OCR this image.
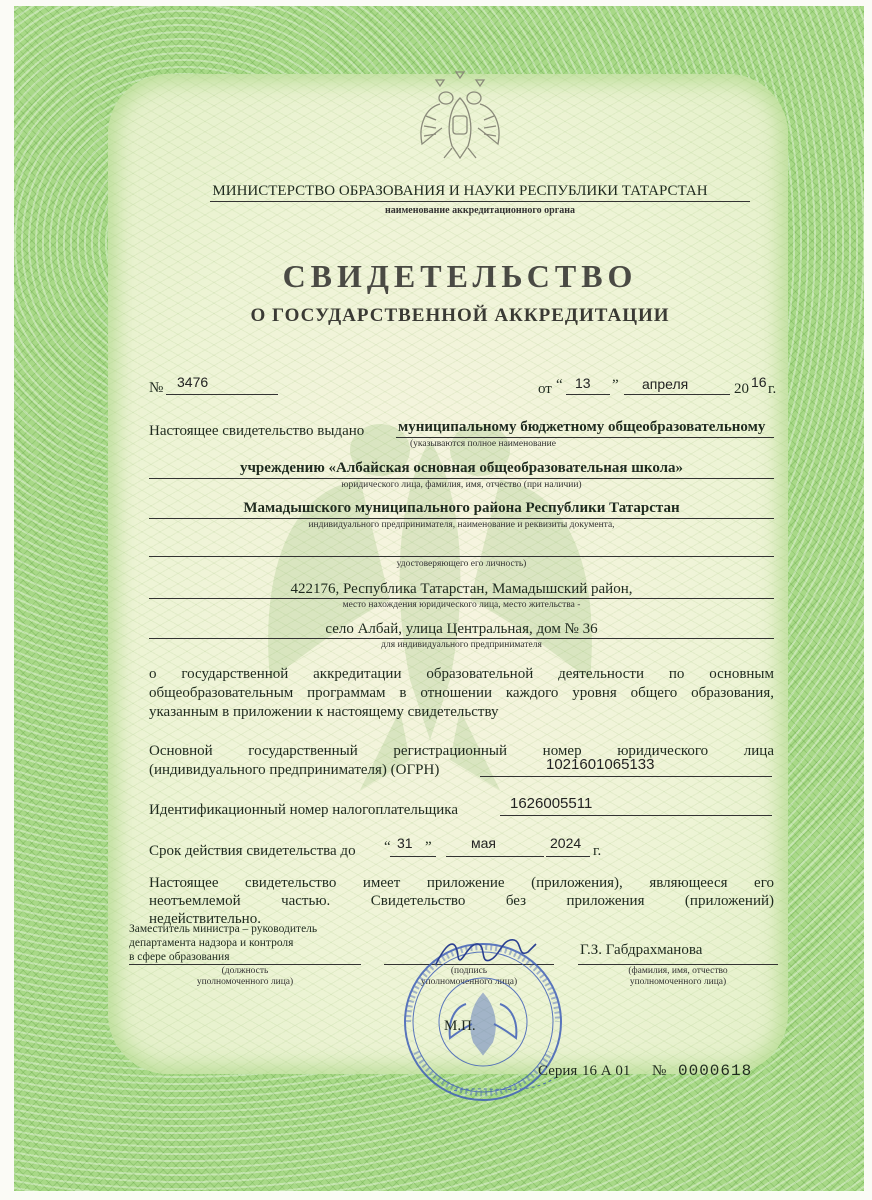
МИНИСТЕРСТВО ОБРАЗОВАНИЯ И НАУКИ РЕСПУБЛИКИ ТАТАРСТАН
наименование аккредитационного органа
СВИДЕТЕЛЬСТВО
О ГОСУДАРСТВЕННОЙ АККРЕДИТАЦИИ
№ 3476	от “ 13 ” апреля	20 16 г.
Настоящее свидетельство выдано муниципальному бюджетному общеобразовательному
(указываются полное наименование
учреждению «Албайская основная общеобразовательная школа»
юридического лица, фамилия, имя, отчество (при наличии)
Мамадышского муниципального района Республики Татарстан
индивидуального предпринимателя, наименование и реквизиты документа,
удостоверяющего его личность)
422176, Республика Татарстан, Мамадышский район,
место нахождения юридического лица, место жительства -
село Албай, улица Центральная, дом № 36
для индивидуального предпринимателя
о государственной аккредитации образовательной деятельности по основным
общеобразовательным программам в отношении каждого уровня общего образования,
указанным в приложении к настоящему свидетельству
Основной государственный регистрационный номер юридического лица
(индивидуального предпринимателя) (ОГРН)	1021601065133
Идентификационный номер налогоплательщика	1626005511
Срок действия свидетельства до “ 31 ”	мая	2024 г.
Настоящее свидетельство имеет приложение (приложения), являющееся его
неотъемлемой частью. Свидетельство без приложения (приложений)
недействительно.
Заместитель министра – руководитель
департамента надзора и контроля
в сфере образования
(должность
уполномоченного лица)
(подпись
уполномоченного лица)
Г.З. Габдрахманова
(фамилия, имя, отчество
уполномоченного лица)
М.П.
Серия 16 А 01 № 0000618
